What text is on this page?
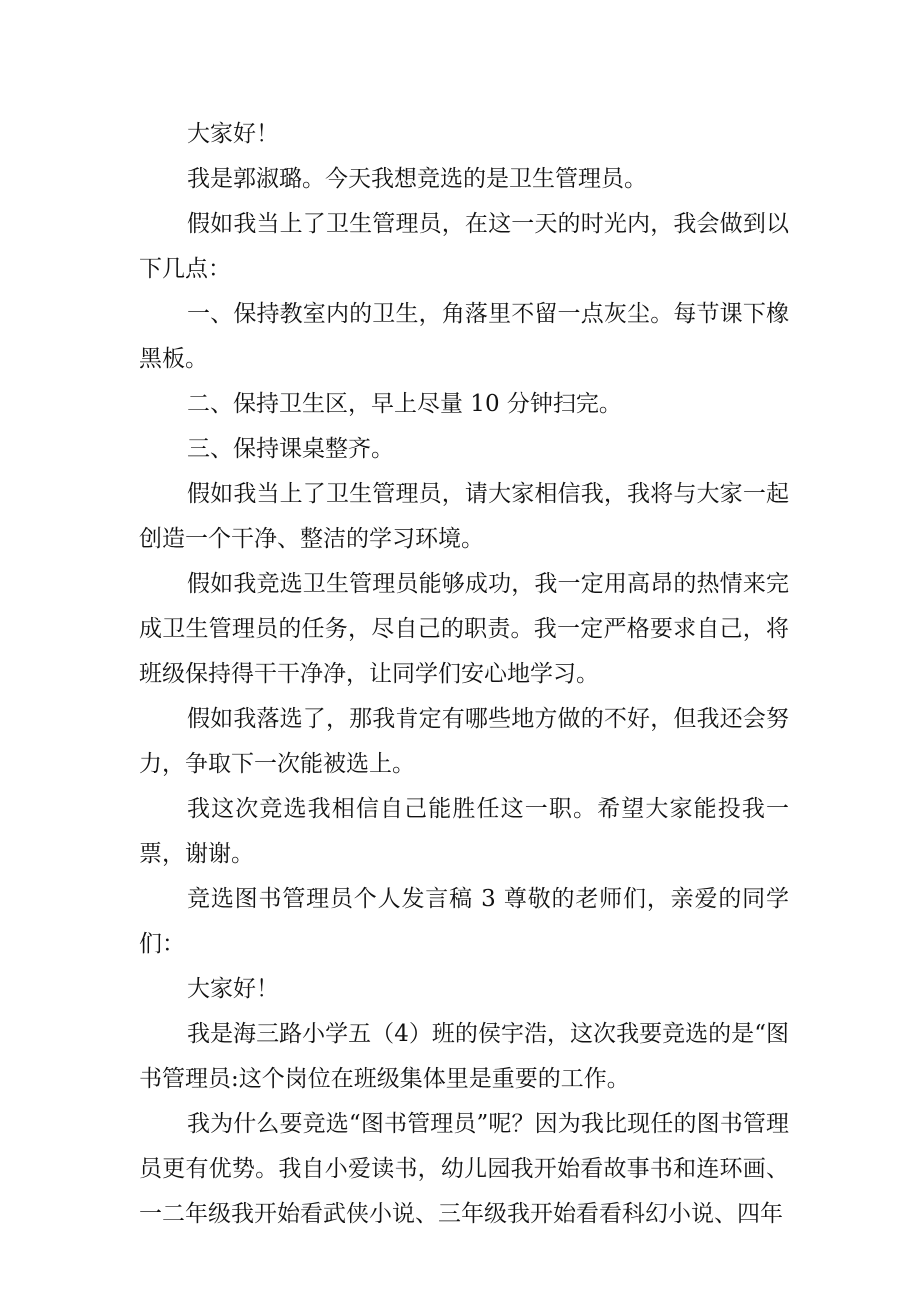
大家好！

我是郭淑璐。今天我想竞选的是卫生管理员。

假如我当上了卫生管理员，在这一天的时光内，我会做到以下几点：

一、保持教室内的卫生，角落里不留一点灰尘。每节课下橡黑板。

二、保持卫生区，早上尽量 10 分钟扫完。

三、保持课桌整齐。

假如我当上了卫生管理员，请大家相信我，我将与大家一起创造一个干净、整洁的学习环境。

假如我竞选卫生管理员能够成功，我一定用高昂的热情来完成卫生管理员的任务，尽自己的职责。我一定严格要求自己，将班级保持得干干净净，让同学们安心地学习。

假如我落选了，那我肯定有哪些地方做的不好，但我还会努力，争取下一次能被选上。

我这次竞选我相信自己能胜任这一职。希望大家能投我一票，谢谢。

竞选图书管理员个人发言稿 3 尊敬的老师们，亲爱的同学们：

大家好！

我是海三路小学五（4）班的侯宇浩，这次我要竞选的是“图书管理员:这个岗位在班级集体里是重要的工作。

我为什么要竞选“图书管理员”呢？因为我比现任的图书管理员更有优势。我自小爱读书，幼儿园我开始看故事书和连环画、一二年级我开始看武侠小说、三年级我开始看看科幻小说、四年
